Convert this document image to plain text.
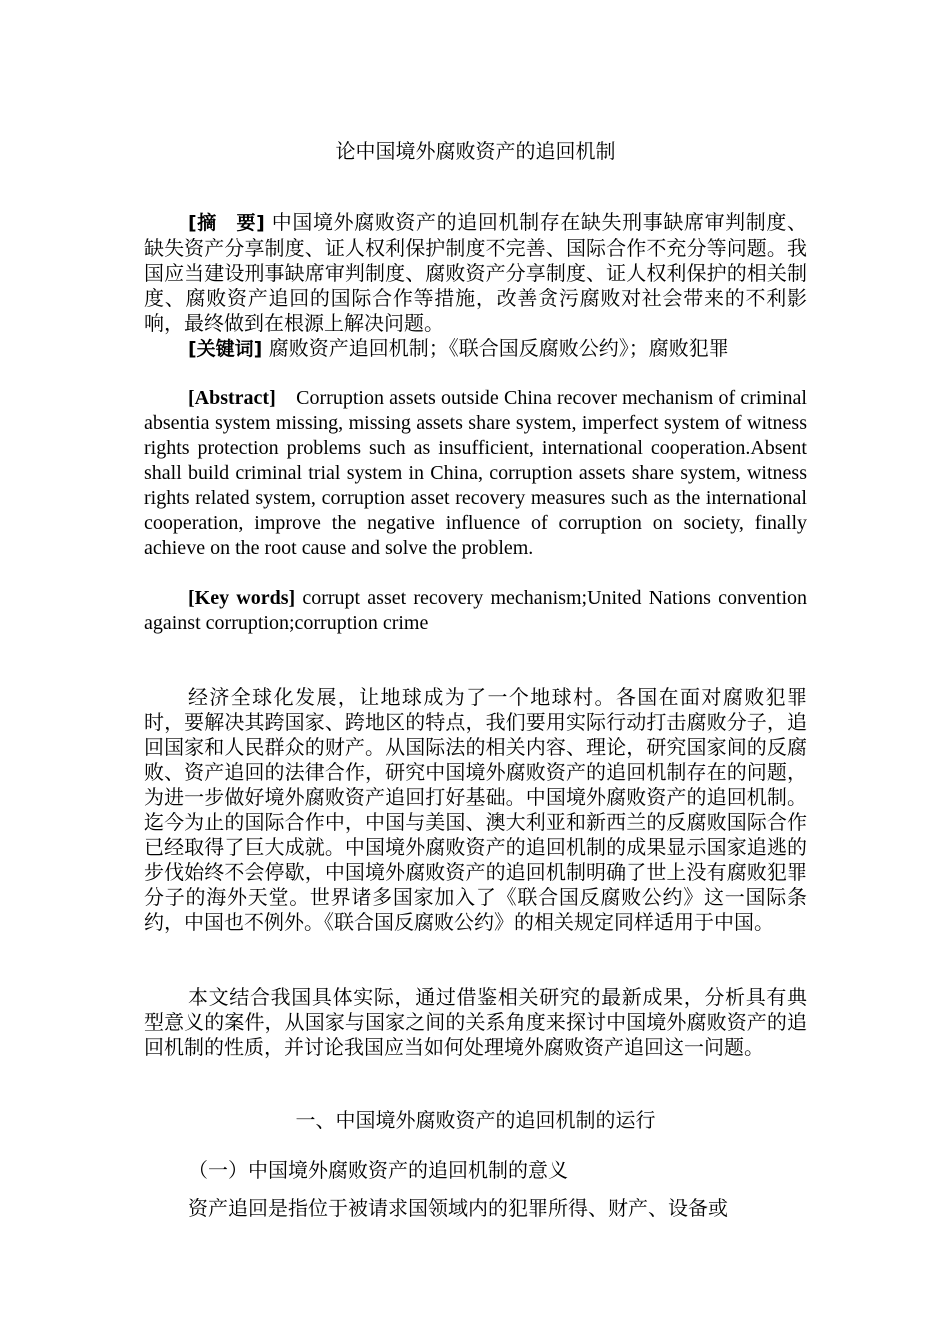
论中国境外腐败资产的追回机制

[摘　要] 中国境外腐败资产的追回机制存在缺失刑事缺席审判制度、缺失资产分享制度、证人权利保护制度不完善、国际合作不充分等问题。我国应当建设刑事缺席审判制度、腐败资产分享制度、证人权利保护的相关制度、腐败资产追回的国际合作等措施，改善贪污腐败对社会带来的不利影响，最终做到在根源上解决问题。

[关键词] 腐败资产追回机制；《联合国反腐败公约》；腐败犯罪

[Abstract]　Corruption assets outside China recover mechanism of criminal absentia system missing, missing assets share system, imperfect system of witness rights protection problems such as insufficient, international cooperation.Absent shall build criminal trial system in China, corruption assets share system, witness rights related system, corruption asset recovery measures such as the international cooperation, improve the negative influence of corruption on society, finally achieve on the root cause and solve the problem.

[Key words] corrupt asset recovery mechanism;United Nations convention against corruption;corruption crime

经济全球化发展，让地球成为了一个地球村。各国在面对腐败犯罪时，要解决其跨国家、跨地区的特点，我们要用实际行动打击腐败分子，追回国家和人民群众的财产。从国际法的相关内容、理论，研究国家间的反腐败、资产追回的法律合作，研究中国境外腐败资产的追回机制存在的问题，为进一步做好境外腐败资产追回打好基础。中国境外腐败资产的追回机制。迄今为止的国际合作中，中国与美国、澳大利亚和新西兰的反腐败国际合作已经取得了巨大成就。中国境外腐败资产的追回机制的成果显示国家追逃的步伐始终不会停歇，中国境外腐败资产的追回机制明确了世上没有腐败犯罪分子的海外天堂。世界诸多国家加入了《联合国反腐败公约》这一国际条约，中国也不例外。《联合国反腐败公约》的相关规定同样适用于中国。

本文结合我国具体实际，通过借鉴相关研究的最新成果，分析具有典型意义的案件，从国家与国家之间的关系角度来探讨中国境外腐败资产的追回机制的性质，并讨论我国应当如何处理境外腐败资产追回这一问题。

一、中国境外腐败资产的追回机制的运行
（一）中国境外腐败资产的追回机制的意义

资产追回是指位于被请求国领域内的犯罪所得、财产、设备或
